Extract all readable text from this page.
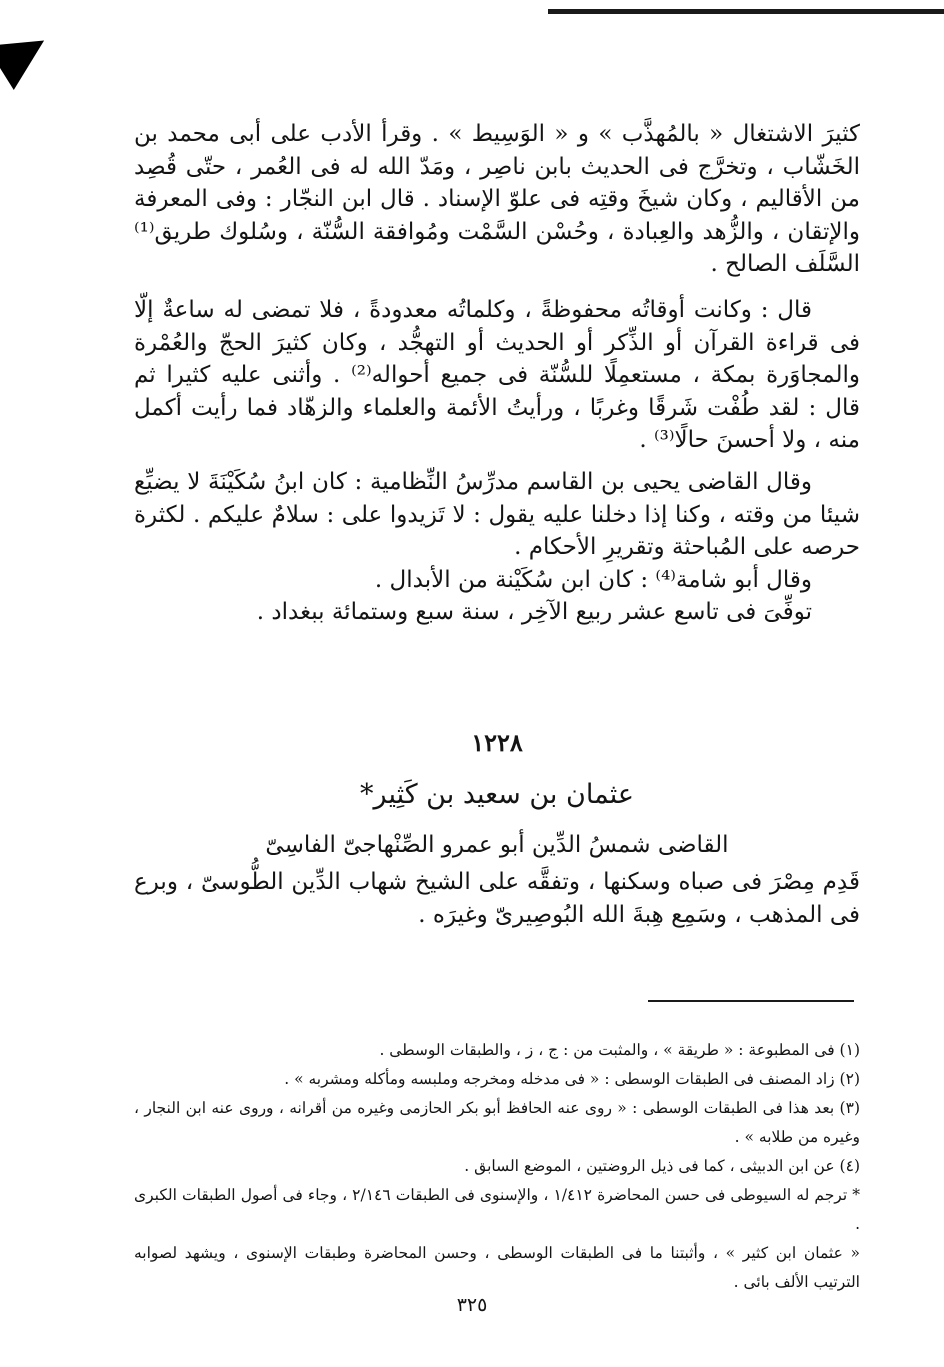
كثيرَ الاشتغال « بالمُهذَّب » و « الوَسِيط » . وقرأ الأدب على أبى محمد بن الخَشّاب ، وتخرَّج فى الحديث بابن ناصِر ، ومَدّ الله له فى العُمر ، حتّى قُصِد من الأقاليم ، وكان شيخَ وقتِه فى علوّ الإسناد . قال ابن النجّار : وفى المعرفة والإتقان ، والزُّهد والعِبادة ، وحُسْن السَّمْت ومُوافقة السُّنّة ، وسُلوك طريق⁽¹⁾ السَّلَف الصالح .

قال : وكانت أوقاتُه محفوظةً ، وكلماتُه معدودةً ، فلا تمضى له ساعةٌ إلّا فى قراءة القرآن أو الذِّكر أو الحديث أو التهجُّد ، وكان كثيرَ الحجّ والعُمْرة والمجاوَرة بمكة ، مستعمِلًا للسُّنّة فى جميع أحواله⁽²⁾ . وأثنى عليه كثيرا ثم قال : لقد طُفْت شَرقًا وغربًا ، ورأيتُ الأئمة والعلماء والزهّاد فما رأيت أكمل منه ، ولا أحسنَ حالًا⁽³⁾ .

وقال القاضى يحيى بن القاسم مدرِّسُ النِّظامية : كان ابنُ سُكَيْنَةَ لا يضيِّع شيئا من وقته ، وكنا إذا دخلنا عليه يقول : لا تَزيدوا على : سلامٌ عليكم . لكثرة حرصه على المُباحثة وتقريرِ الأحكام .

وقال أبو شامة⁽⁴⁾ : كان ابن سُكَيْنة من الأبدال .

توفِّىَ فى تاسع عشر ربيع الآخِر ، سنة سبع وستمائة ببغداد .

١٢٢٨

عثمان بن سعيد بن كَثِير*

القاضى شمسُ الدِّين أبو عمرو الصِّنْهاجىّ الفاسِىّ

قَدِم مِصْرَ فى صباه وسكنها ، وتفقَّه على الشيخ شهاب الدِّين الطُّوسىّ ، وبرع فى المذهب ، وسَمِع هِبةَ الله البُوصِيرىّ وغيرَه .

(١) فى المطبوعة : « طريقة » ، والمثبت من : ج ، ز ، والطبقات الوسطى .

(٢) زاد المصنف فى الطبقات الوسطى : « فى مدخله ومخرجه وملبسه ومأكله ومشربه » .

(٣) بعد هذا فى الطبقات الوسطى : « روى عنه الحافظ أبو بكر الحازمى وغيره من أقرانه ، وروى عنه ابن النجار ، وغيره من طلابه » .

(٤) عن ابن الدبيثى ، كما فى ذيل الروضتين ، الموضع السابق .

* ترجم له السيوطى فى حسن المحاضرة ١/٤١٢ ، والإسنوى فى الطبقات ٢/١٤٦ ، وجاء فى أصول الطبقات الكبرى .

« عثمان ابن كثير » ، وأثبتنا ما فى الطبقات الوسطى ، وحسن المحاضرة وطبقات الإسنوى ، ويشهد لصوابه الترتيب الألف بائى .

٣٢٥
